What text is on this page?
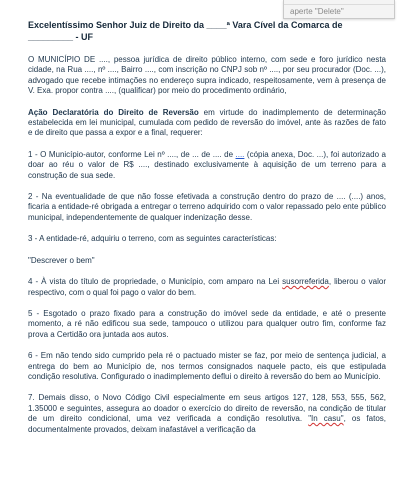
aperte "Delete"
Excelentíssimo Senhor Juiz de Direito da ____ª Vara Cível da Comarca de
_________ - UF
O MUNICÍPIO DE ...., pessoa jurídica de direito público interno, com sede e foro jurídico nesta cidade, na Rua ...., nº ...., Bairro ...., com inscrição no CNPJ sob nº ...., por seu procurador (Doc. ...), advogado que recebe intimações no endereço supra indicado, respeitosamente, vem à presença de V. Exa. propor contra ...., (qualificar) por meio do procedimento ordinário,
Ação Declaratória do Direito de Reversão em virtude do inadimplemento de determinação estabelecida em lei municipal, cumulada com pedido de reversão do imóvel, ante às razões de fato e de direito que passa a expor e a final, requerer:
1 - O Município-autor, conforme Lei nº ...., de ... de .... de .... (cópia anexa, Doc. ...), foi autorizado a doar ao réu o valor de R$ ...., destinado exclusivamente à aquisição de um terreno para a construção de sua sede.
2 - Na eventualidade de que não fosse efetivada a construção dentro do prazo de .... (....) anos, ficaria a entidade-ré obrigada a entregar o terreno adquirido com o valor repassado pelo ente público municipal, independentemente de qualquer indenização desse.
3 - A entidade-ré, adquiriu o terreno, com as seguintes características:
"Descrever o bem"
4 - À vista do título de propriedade, o Município, com amparo na Lei susorreferida, liberou o valor respectivo, com o qual foi pago o valor do bem.
5 - Esgotado o prazo fixado para a construção do imóvel sede da entidade, e até o presente momento, a ré não edificou sua sede, tampouco o utilizou para qualquer outro fim, conforme faz prova a Certidão ora juntada aos autos.
6 - Em não tendo sido cumprido pela ré o pactuado mister se faz, por meio de sentença judicial, a entrega do bem ao Município de, nos termos consignados naquele pacto, eis que estipulada condição resolutiva. Configurado o inadimplemento deflui o direito à reversão do bem ao Município.
7. Demais disso, o Novo Código Civil especialmente em seus artigos 127, 128, 553, 555, 562, 1.35000 e seguintes, assegura ao doador o exercício do direito de reversão, na condição de titular de um direito condicional, uma vez verificada a condição resolutiva. "In casu", os fatos, documentalmente provados, deixam inafastável a verificação da
